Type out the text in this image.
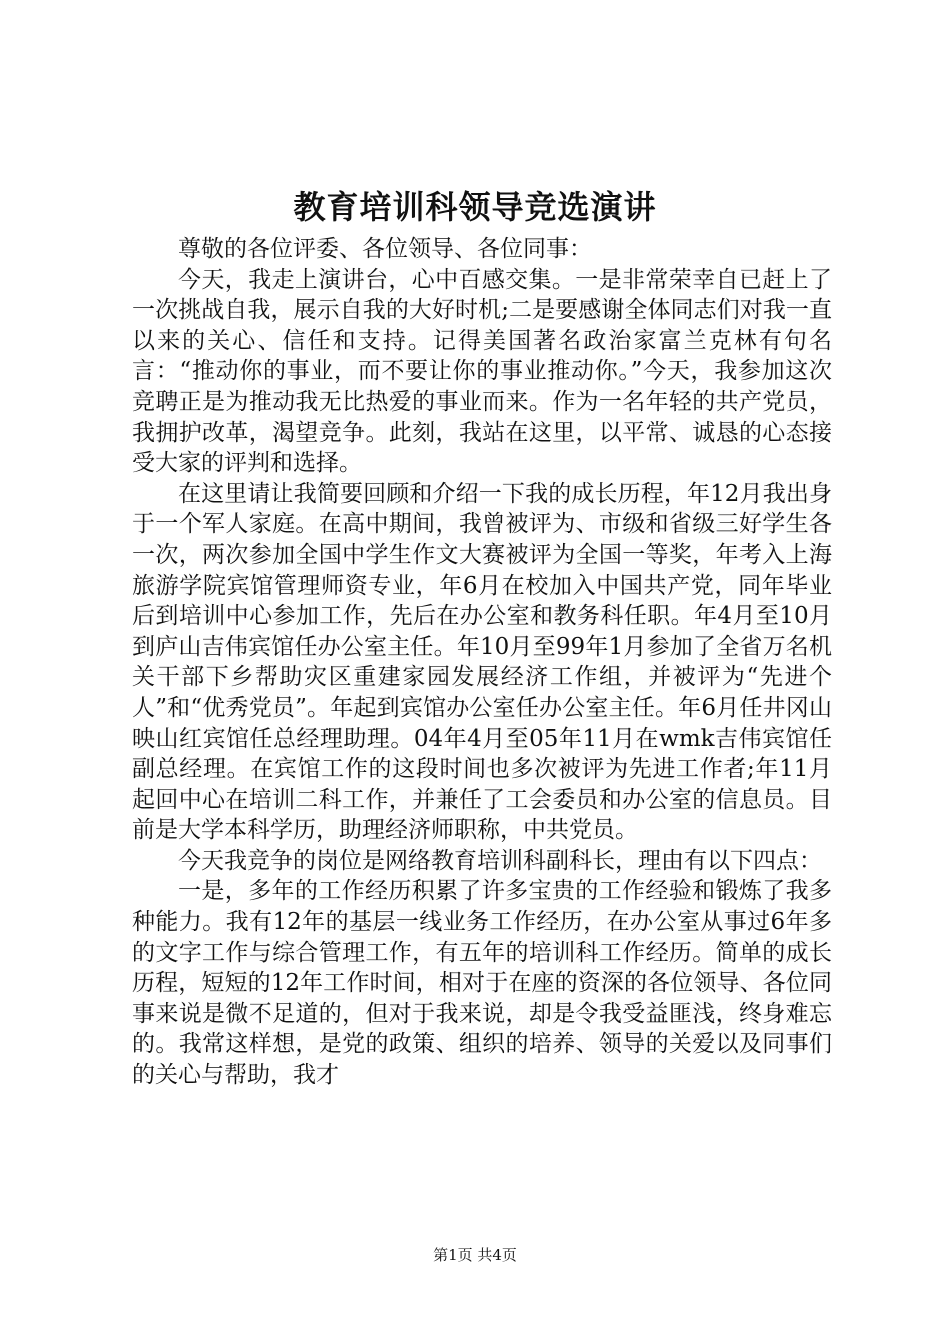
教育培训科领导竞选演讲

尊敬的各位评委、各位领导、各位同事：

今天，我走上演讲台，心中百感交集。一是非常荣幸自已赶上了一次挑战自我，展示自我的大好时机;二是要感谢全体同志们对我一直以来的关心、信任和支持。记得美国著名政治家富兰克林有句名言：“推动你的事业，而不要让你的事业推动你。”今天，我参加这次竞聘正是为推动我无比热爱的事业而来。作为一名年轻的共产党员，我拥护改革，渴望竞争。此刻，我站在这里，以平常、诚恳的心态接受大家的评判和选择。

在这里请让我简要回顾和介绍一下我的成长历程，年12月我出身于一个军人家庭。在高中期间，我曾被评为、市级和省级三好学生各一次，两次参加全国中学生作文大赛被评为全国一等奖，年考入上海旅游学院宾馆管理师资专业，年6月在校加入中国共产党，同年毕业后到培训中心参加工作，先后在办公室和教务科任职。年4月至10月到庐山吉伟宾馆任办公室主任。年10月至99年1月参加了全省万名机关干部下乡帮助灾区重建家园发展经济工作组，并被评为“先进个人”和“优秀党员”。年起到宾馆办公室任办公室主任。年6月任井冈山映山红宾馆任总经理助理。04年4月至05年11月在wmk吉伟宾馆任副总经理。在宾馆工作的这段时间也多次被评为先进工作者;年11月起回中心在培训二科工作，并兼任了工会委员和办公室的信息员。目前是大学本科学历，助理经济师职称，中共党员。

今天我竞争的岗位是网络教育培训科副科长，理由有以下四点：

一是，多年的工作经历积累了许多宝贵的工作经验和锻炼了我多种能力。我有12年的基层一线业务工作经历，在办公室从事过6年多的文字工作与综合管理工作，有五年的培训科工作经历。简单的成长历程，短短的12年工作时间，相对于在座的资深的各位领导、各位同事来说是微不足道的，但对于我来说，却是令我受益匪浅，终身难忘的。我常这样想，是党的政策、组织的培养、领导的关爱以及同事们的关心与帮助，我才

第1页 共4页
